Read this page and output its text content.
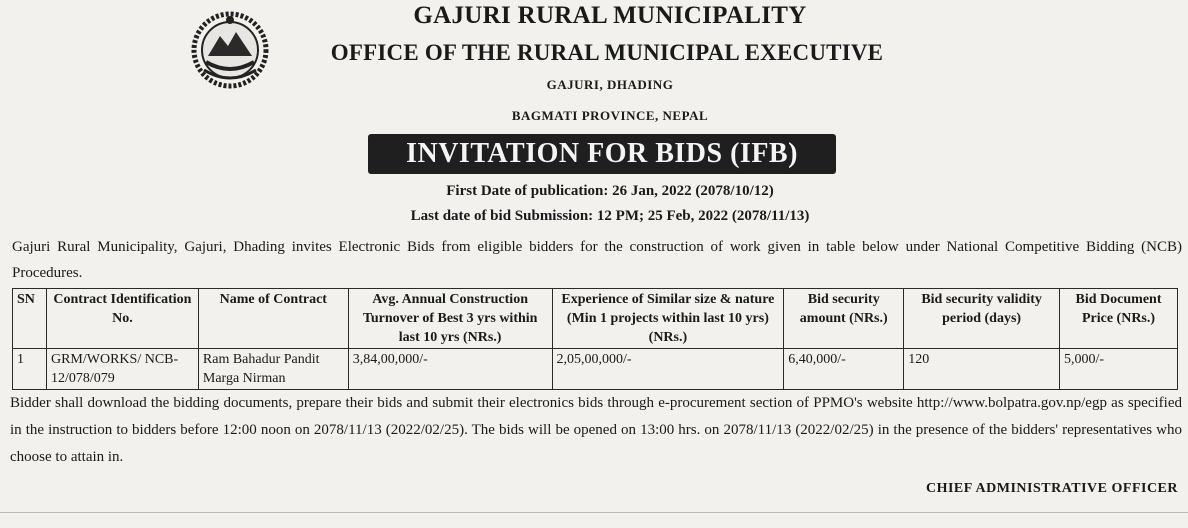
GAJURI RURAL MUNICIPALITY
OFFICE OF THE RURAL MUNICIPAL EXECUTIVE
GAJURI, DHADING
BAGMATI PROVINCE, NEPAL
INVITATION FOR BIDS (IFB)
First Date of publication: 26 Jan, 2022 (2078/10/12)
Last date of bid Submission: 12 PM; 25 Feb, 2022 (2078/11/13)
Gajuri Rural Municipality, Gajuri, Dhading invites Electronic Bids from eligible bidders for the construction of work given in table below under National Competitive Bidding (NCB) Procedures.
SN	Contract Identification No.	Name of Contract	Avg. Annual Construction Turnover of Best 3 yrs within last 10 yrs (NRs.)	Experience of Similar size & nature (Min 1 projects within last 10 yrs) (NRs.)	Bid security amount (NRs.)	Bid security validity period (days)	Bid Document Price (NRs.)
1	GRM/WORKS/ NCB-12/078/079	Ram Bahadur Pandit Marga Nirman	3,84,00,000/-	2,05,00,000/-	6,40,000/-	120	5,000/-
Bidder shall download the bidding documents, prepare their bids and submit their electronics bids through e-procurement section of PPMO's website http://www.bolpatra.gov.np/egp as specified in the instruction to bidders before 12:00 noon on 2078/11/13 (2022/02/25). The bids will be opened on 13:00 hrs. on 2078/11/13 (2022/02/25) in the presence of the bidders' representatives who choose to attain in.
CHIEF ADMINISTRATIVE OFFICER
